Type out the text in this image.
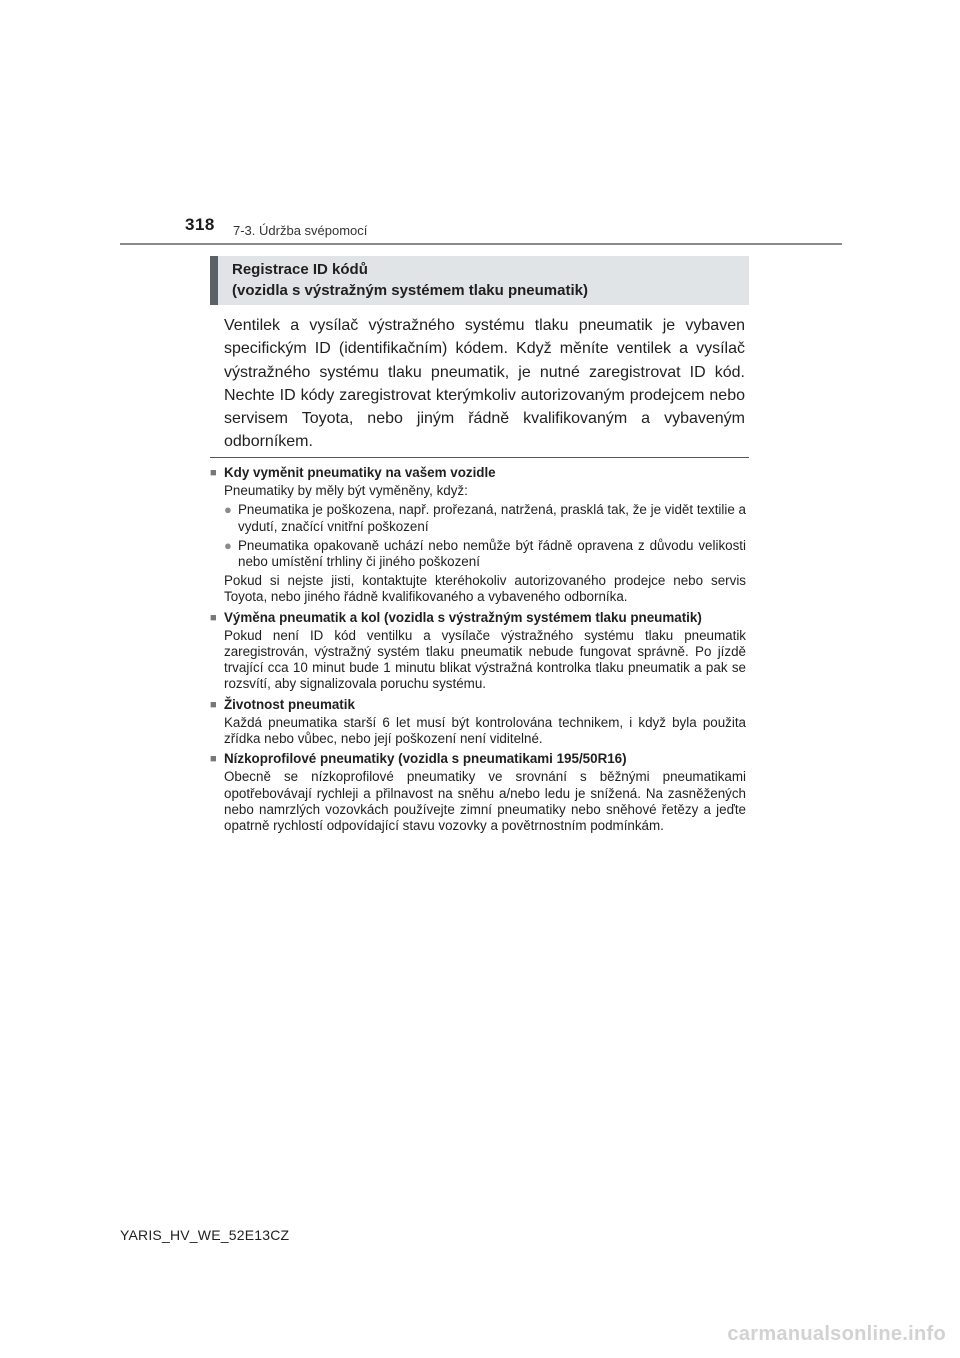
318 7-3. Údržba svépomocí
Registrace ID kódů
(vozidla s výstražným systémem tlaku pneumatik)
Ventilek a vysílač výstražného systému tlaku pneumatik je vybaven specifickým ID (identifikačním) kódem. Když měníte ventilek a vysílač výstražného systému tlaku pneumatik, je nutné zaregistrovat ID kód. Nechte ID kódy zaregistrovat kterýmkoliv autorizovaným prodejcem nebo servisem Toyota, nebo jiným řádně kvalifikovaným a vybaveným odborníkem.
■ Kdy vyměnit pneumatiky na vašem vozidle
Pneumatiky by měly být vyměněny, když:
● Pneumatika je poškozena, např. prořezaná, natržená, prasklá tak, že je vidět textilie a vydutí, značící vnitřní poškození
● Pneumatika opakovaně uchází nebo nemůže být řádně opravena z důvodu velikosti nebo umístění trhliny či jiného poškození
Pokud si nejste jisti, kontaktujte kteréhokoliv autorizovaného prodejce nebo servis Toyota, nebo jiného řádně kvalifikovaného a vybaveného odborníka.
■ Výměna pneumatik a kol (vozidla s výstražným systémem tlaku pneumatik)
Pokud není ID kód ventilku a vysílače výstražného systému tlaku pneumatik zaregistrován, výstražný systém tlaku pneumatik nebude fungovat správně. Po jízdě trvající cca 10 minut bude 1 minutu blikat výstražná kontrolka tlaku pneumatik a pak se rozsvítí, aby signalizovala poruchu systému.
■ Životnost pneumatik
Každá pneumatika starší 6 let musí být kontrolována technikem, i když byla použita zřídka nebo vůbec, nebo její poškození není viditelné.
■ Nízkoprofilové pneumatiky (vozidla s pneumatikami 195/50R16)
Obecně se nízkoprofilové pneumatiky ve srovnání s běžnými pneumatikami opotřebovávají rychleji a přilnavost na sněhu a/nebo ledu je snížená. Na zasněžených nebo namrzlých vozovkách používejte zimní pneumatiky nebo sněhové řetězy a jeďte opatrně rychlostí odpovídající stavu vozovky a povětrnostním podmínkám.
YARIS_HV_WE_52E13CZ
carmanualsonline.info
